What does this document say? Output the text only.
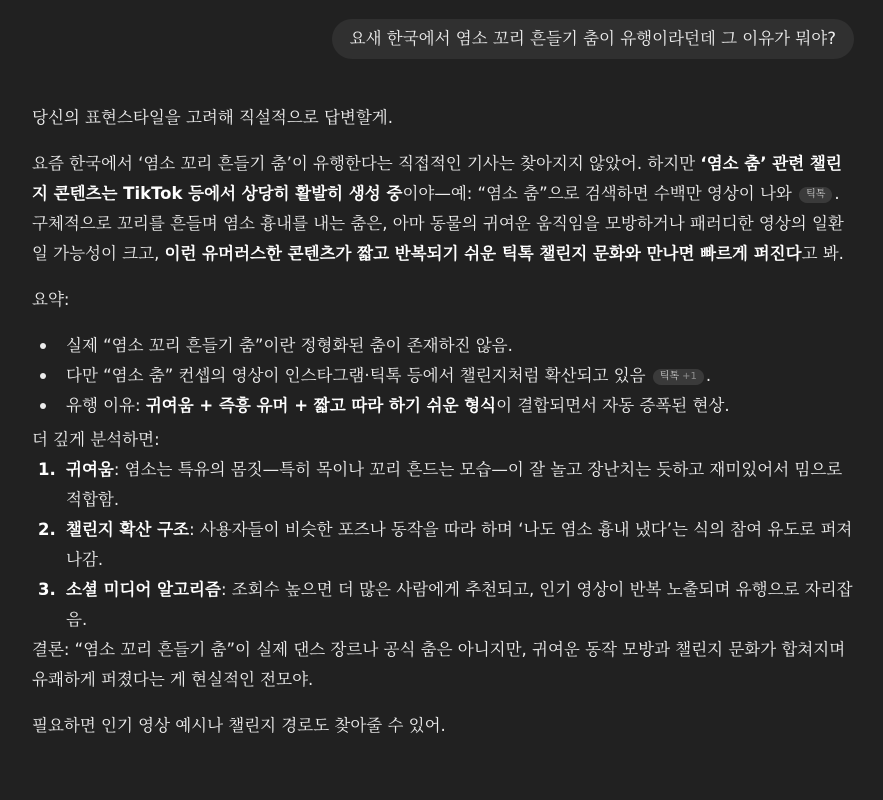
요새 한국에서 염소 꼬리 흔들기 춤이 유행이라던데 그 이유가 뭐야?

당신의 표현스타일을 고려해 직설적으로 답변할게.

요즘 한국에서 ‘염소 꼬리 흔들기 춤’이 유행한다는 직접적인 기사는 찾아지지 않았어. 하지만 ‘염소 춤’ 관련 챌린지 콘텐츠는 TikTok 등에서 상당히 활발히 생성 중이야—예: “염소 춤”으로 검색하면 수백만 영상이 나와 틱톡 . 구체적으로 꼬리를 흔들며 염소 흉내를 내는 춤은, 아마 동물의 귀여운 움직임을 모방하거나 패러디한 영상의 일환일 가능성이 크고, 이런 유머러스한 콘텐츠가 짧고 반복되기 쉬운 틱톡 챌린지 문화와 만나면 빠르게 퍼진다고 봐.

요약:

실제 “염소 꼬리 흔들기 춤”이란 정형화된 춤이 존재하진 않음.
다만 “염소 춤” 컨셉의 영상이 인스타그램·틱톡 등에서 챌린지처럼 확산되고 있음 틱톡 +1 .
유행 이유: 귀여움 + 즉흥 유머 + 짧고 따라 하기 쉬운 형식이 결합되면서 자동 증폭된 현상.

더 깊게 분석하면:

1. 귀여움: 염소는 특유의 몸짓—특히 목이나 꼬리 흔드는 모습—이 잘 놀고 장난치는 듯하고 재미있어서 밈으로 적합함.
2. 챌린지 확산 구조: 사용자들이 비슷한 포즈나 동작을 따라 하며 ‘나도 염소 흉내 냈다’는 식의 참여 유도로 퍼져 나감.
3. 소셜 미디어 알고리즘: 조회수 높으면 더 많은 사람에게 추천되고, 인기 영상이 반복 노출되며 유행으로 자리잡음.

결론: “염소 꼬리 흔들기 춤”이 실제 댄스 장르나 공식 춤은 아니지만, 귀여운 동작 모방과 챌린지 문화가 합쳐지며 유쾌하게 퍼졌다는 게 현실적인 전모야.

필요하면 인기 영상 예시나 챌린지 경로도 찾아줄 수 있어.
